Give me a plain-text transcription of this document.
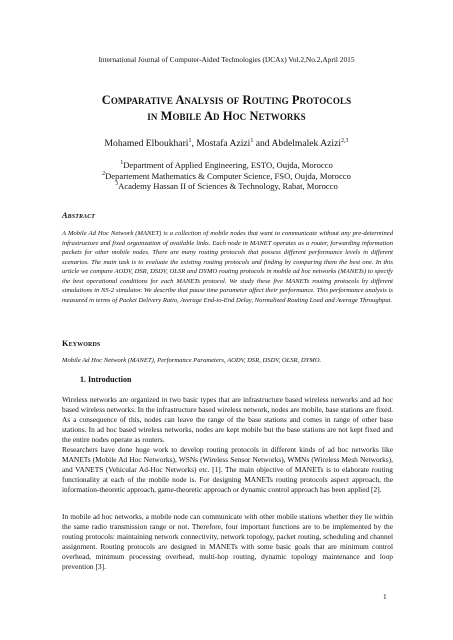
International Journal of Computer-Aided Technologies (IJCAx) Vol.2,No.2,April 2015
Comparative Analysis of Routing Protocols
in Mobile Ad Hoc Networks
Mohamed Elboukhari$^1$, Mostafa Azizi$^1$ and Abdelmalek Azizi$^{2,3}$
$^1$Department of Applied Engineering, ESTO, Oujda, Morocco
$^2$Departement Mathematics & Computer Science, FSO, Oujda, Morocco
$^3$Academy Hassan II of Sciences & Technology, Rabat, Morocco
Abstract
A Mobile Ad Hoc Network (MANET) is a collection of mobile nodes that want to communicate without any pre-determined infrastructure and fixed organization of available links. Each node in MANET operates as a router, forwarding information packets for other mobile nodes. There are many routing protocols that possess different performance levels in different scenarios. The main task is to evaluate the existing routing protocols and finding by comparing them the best one. In this article we compare AODV, DSR, DSDV, OLSR and DYMO routing protocols in mobile ad hoc networks (MANETs) to specify the best operational conditions for each MANETs protocol. We study these five MANETs routing protocols by different simulations in NS-2 simulator. We describe that pause time parameter affect their performance. This performance analysis is measured in terms of Packet Delivery Ratio, Average End-to-End Delay, Normalized Routing Load and Average Throughput.
Keywords
Mobile Ad Hoc Network (MANET), Performance Parameters, AODV, DSR, DSDV, OLSR, DYMO.
1. Introduction
Wireless networks are organized in two basic types that are infrastructure based wireless networks and ad hoc based wireless networks. In the infrastructure based wireless network, nodes are mobile, base stations are fixed. As a consequence of this, nodes can leave the range of the base stations and comes in range of other base stations. In ad hoc based wireless networks, nodes are kept mobile but the base stations are not kept fixed and the entire nodes operate as routers.
Researchers have done huge work to develop routing protocols in different kinds of ad hoc networks like MANETs (Mobile Ad Hoc Networks), WSNs (Wireless Sensor Networks), WMNs (Wireless Mesh Networks), and VANETS (Vehicular Ad-Hoc Networks) etc. [1]. The main objective of MANETs is to elaborate routing functionality at each of the mobile node is. For designing MANETs routing protocols aspect approach, the information-theoretic approach, game-theoretic approach or dynamic control approach has been applied [2].
In mobile ad hoc networks, a mobile node can communicate with other mobile stations whether they lie within the same radio transmission range or not. Therefore, four important functions are to be implemented by the routing protocols: maintaining network connectivity, network topology, packet routing, scheduling and channel assignment. Routing protocols are designed in MANETs with some basic goals that are minimum control overhead, minimum processing overhead, multi-hop routing, dynamic topology maintenance and loop prevention [3].
1
